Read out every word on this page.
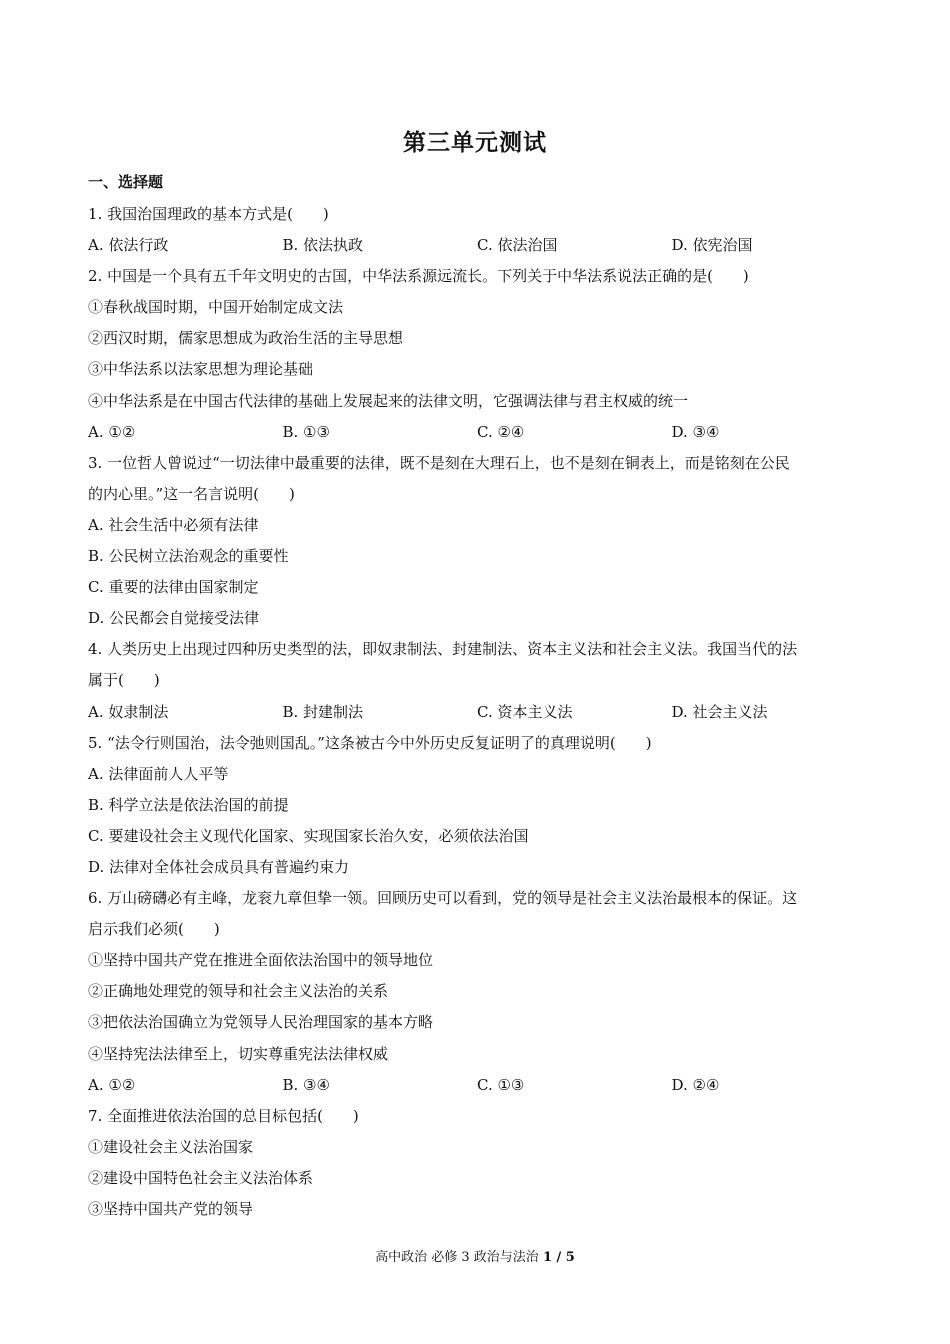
第三单元测试
一、选择题
1. 我国治国理政的基本方式是(　　)
A. 依法行政	B. 依法执政	C. 依法治国	D. 依宪治国
2. 中国是一个具有五千年文明史的古国，中华法系源远流长。下列关于中华法系说法正确的是(　　)
①春秋战国时期，中国开始制定成文法
②西汉时期，儒家思想成为政治生活的主导思想
③中华法系以法家思想为理论基础
④中华法系是在中国古代法律的基础上发展起来的法律文明，它强调法律与君主权威的统一
A. ①②	B. ①③	C. ②④	D. ③④
3. 一位哲人曾说过“一切法律中最重要的法律，既不是刻在大理石上，也不是刻在铜表上，而是铭刻在公民
的内心里。”这一名言说明(　　)
A. 社会生活中必须有法律
B. 公民树立法治观念的重要性
C. 重要的法律由国家制定
D. 公民都会自觉接受法律
4. 人类历史上出现过四种历史类型的法，即奴隶制法、封建制法、资本主义法和社会主义法。我国当代的法
属于(　　)
A. 奴隶制法	B. 封建制法	C. 资本主义法	D. 社会主义法
5. “法令行则国治，法令弛则国乱。”这条被古今中外历史反复证明了的真理说明(　　)
A. 法律面前人人平等
B. 科学立法是依法治国的前提
C. 要建设社会主义现代化国家、实现国家长治久安，必须依法治国
D. 法律对全体社会成员具有普遍约束力
6. 万山磅礴必有主峰，龙衮九章但挚一领。回顾历史可以看到，党的领导是社会主义法治最根本的保证。这
启示我们必须(　　)
①坚持中国共产党在推进全面依法治国中的领导地位
②正确地处理党的领导和社会主义法治的关系
③把依法治国确立为党领导人民治理国家的基本方略
④坚持宪法法律至上，切实尊重宪法法律权威
A. ①②	B. ③④	C. ①③	D. ②④
7. 全面推进依法治国的总目标包括(　　)
①建设社会主义法治国家
②建设中国特色社会主义法治体系
③坚持中国共产党的领导
高中政治 必修 3 政治与法治 1 / 5
